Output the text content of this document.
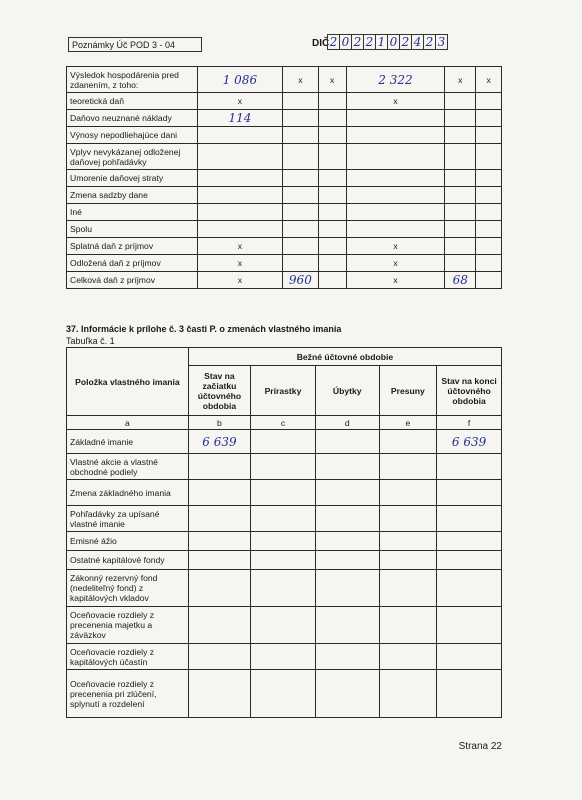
Poznámky Úč POD 3 - 04	DIČ 2 0 2 2 1 0 2 4 2 3
Výsledok hospodárenia pred zdanením, z toho:	1 086	x	x	2 322	x	x
teoretická daň	x			x		
Daňovo neuznané náklady	114					
Výnosy nepodliehajúce dani						
Vplyv nevykázanej odloženej daňovej pohľadávky						
Umorenie daňovej straty						
Zmena sadzby dane						
Iné						
Spolu						
Splatná daň z príjmov	x			x		
Odložená daň z príjmov	x			x		
Celková daň z príjmov	x	960		x	68	
37. Informácie k prílohe č. 3 časti P. o zmenách vlastného imania
Tabuľka č. 1
Položka vlastného imania	Bežné účtovné obdobie				
	Stav na začiatku účtovného obdobia	Prírastky	Úbytky	Presuny	Stav na konci účtovného obdobia
a	b	c	d	e	f
Základné imanie	6 639				6 639
Vlastné akcie a vlastné obchodné podiely					
Zmena základného imania					
Pohľadávky za upísané vlastné imanie					
Emisné ážio					
Ostatné kapitálové fondy					
Zákonný rezervný fond (nedeliteľný fond) z kapitálových vkladov					
Oceňovacie rozdiely z precenenia majetku a záväzkov					
Oceňovacie rozdiely z kapitálových účastín					
Oceňovacie rozdiely z precenenia pri zlúčení, splynutí a rozdelení					
Strana 22
